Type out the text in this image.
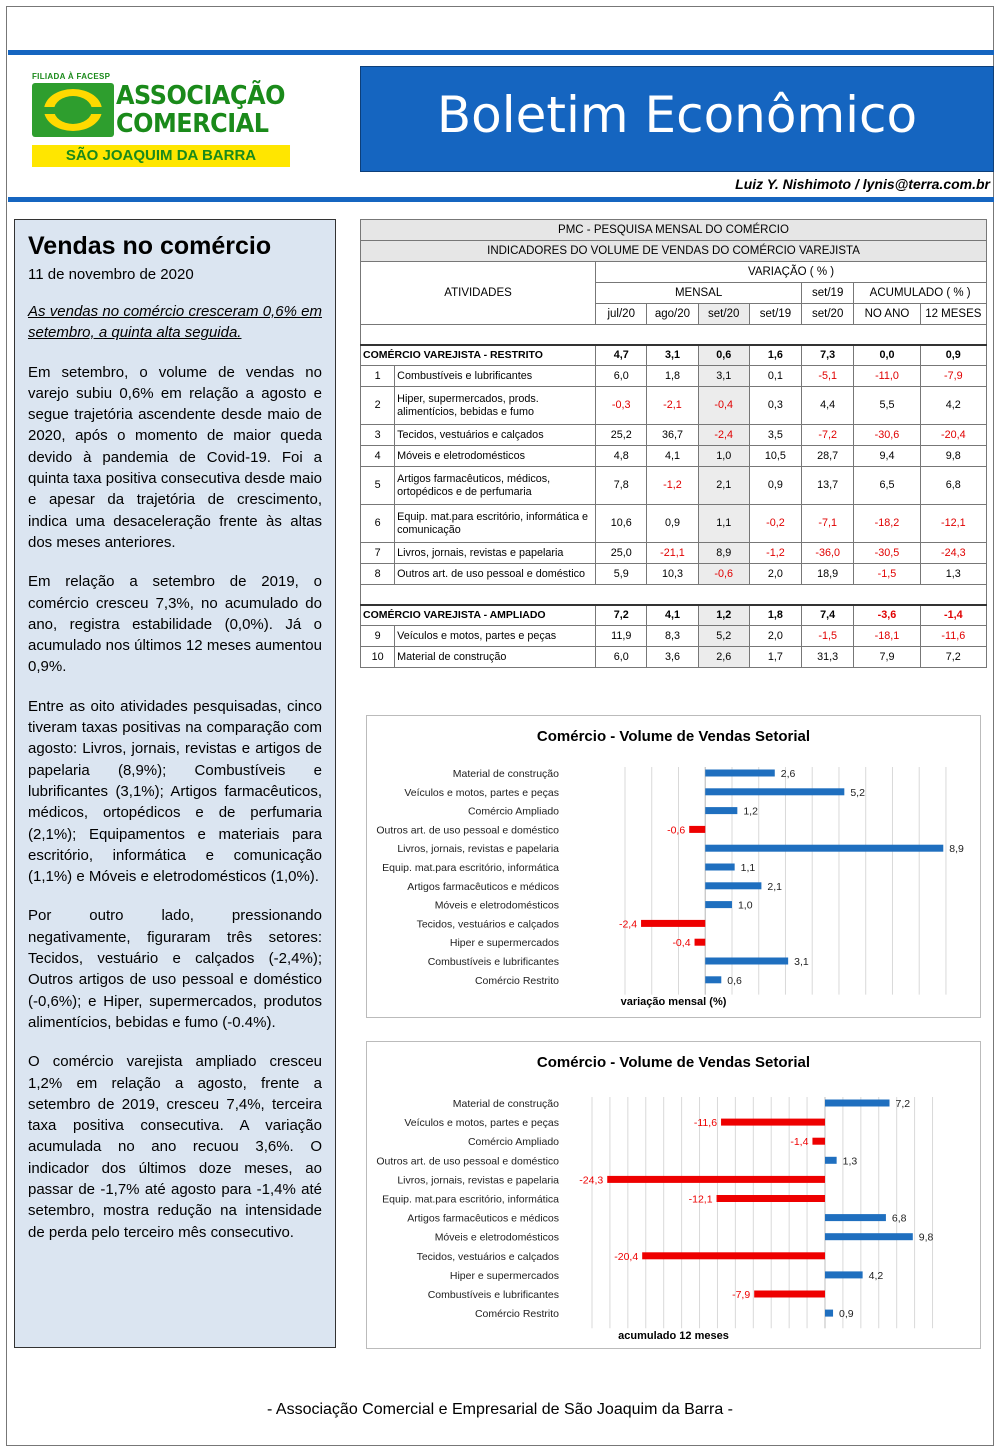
FILIADA À FACESP
ASSOCIAÇÃO
COMERCIAL
SÃO JOAQUIM DA BARRA
Boletim Econômico
Luiz Y. Nishimoto / lynis@terra.com.br
Vendas no comércio
11 de novembro de 2020

As vendas no comércio cresceram 0,6% em setembro, a quinta alta seguida.

Em setembro, o volume de vendas no varejo subiu 0,6% em relação a agosto e segue trajetória ascendente desde maio de 2020, após o momento de maior queda devido à pandemia de Covid-19. Foi a quinta taxa positiva consecutiva desde maio e apesar da trajetória de crescimento, indica uma desaceleração frente às altas dos meses anteriores.

Em relação a setembro de 2019, o comércio cresceu 7,3%, no acumulado do ano, registra estabilidade (0,0%). Já o acumulado nos últimos 12 meses aumentou 0,9%.

Entre as oito atividades pesquisadas, cinco tiveram taxas positivas na comparação com agosto: Livros, jornais, revistas e artigos de papelaria (8,9%); Combustíveis e lubrificantes (3,1%); Artigos farmacêuticos, médicos, ortopédicos e de perfumaria (2,1%); Equipamentos e materiais para escritório, informática e comunicação (1,1%) e Móveis e eletrodomésticos (1,0%).

Por outro lado, pressionando negativamente, figuraram três setores: Tecidos, vestuário e calçados (-2,4%); Outros artigos de uso pessoal e doméstico (-0,6%); e Hiper, supermercados, produtos alimentícios, bebidas e fumo (-0.4%).

O comércio varejista ampliado cresceu 1,2% em relação a agosto, frente a setembro de 2019, cresceu 7,4%, terceira taxa positiva consecutiva. A variação acumulada no ano recuou 3,6%. O indicador dos últimos doze meses, ao passar de -1,7% até agosto para -1,4% até setembro, mostra redução na intensidade de perda pelo terceiro mês consecutivo.

PMC - PESQUISA MENSAL DO COMÉRCIO								
INDICADORES DO VOLUME DE VENDAS DO COMÉRCIO VAREJISTA								
ATIVIDADES		VARIAÇÃO ( % )						
		MENSAL				set/19	ACUMULADO ( % )	
		jul/20	ago/20	set/20	set/19	set/20	NO ANO	12 MESES

COMÉRCIO VAREJISTA - RESTRITO		4,7	3,1	0,6	1,6	7,3	0,0	0,9
1	Combustíveis e lubrificantes	6,0	1,8	3,1	0,1	-5,1	-11,0	-7,9
2	Hiper, supermercados, prods. alimentícios, bebidas e fumo	-0,3	-2,1	-0,4	0,3	4,4	5,5	4,2
3	Tecidos, vestuários e calçados	25,2	36,7	-2,4	3,5	-7,2	-30,6	-20,4
4	Móveis e eletrodomésticos	4,8	4,1	1,0	10,5	28,7	9,4	9,8
5	Artigos farmacêuticos, médicos, ortopédicos e de perfumaria	7,8	-1,2	2,1	0,9	13,7	6,5	6,8
6	Equip. mat.para escritório, informática e comunicação	10,6	0,9	1,1	-0,2	-7,1	-18,2	-12,1
7	Livros, jornais, revistas e papelaria	25,0	-21,1	8,9	-1,2	-36,0	-30,5	-24,3
8	Outros art. de uso pessoal e doméstico	5,9	10,3	-0,6	2,0	18,9	-1,5	1,3

COMÉRCIO VAREJISTA - AMPLIADO		7,2	4,1	1,2	1,8	7,4	-3,6	-1,4
9	Veículos e motos, partes e peças	11,9	8,3	5,2	2,0	-1,5	-18,1	-11,6
10	Material de construção	6,0	3,6	2,6	1,7	31,3	7,9	7,2
Comércio - Volume de Vendas Setorial
Material de construção	2,6
Veículos e motos, partes e peças	5,2
Comércio Ampliado	1,2
Outros art. de uso pessoal e doméstico	-0,6
Livros, jornais, revistas e papelaria	8,9
Equip. mat.para escritório, informática	1,1
Artigos farmacêuticos e médicos	2,1
Móveis e eletrodomésticos	1,0
Tecidos, vestuários e calçados	-2,4
Hiper e supermercados	-0,4
Combustíveis e lubrificantes	3,1
Comércio Restrito	0,6
variação mensal (%)
Comércio - Volume de Vendas Setorial
Material de construção	7,2
Veículos e motos, partes e peças	-11,6
Comércio Ampliado	-1,4
Outros art. de uso pessoal e doméstico	1,3
Livros, jornais, revistas e papelaria -24,3
Equip. mat.para escritório, informática	-12,1
Artigos farmacêuticos e médicos	6,8
Móveis e eletrodomésticos	9,8
Tecidos, vestuários e calçados	-20,4
Hiper e supermercados	4,2
Combustíveis e lubrificantes	-7,9
Comércio Restrito	0,9
acumulado 12 meses
- Associação Comercial e Empresarial de São Joaquim da Barra -
